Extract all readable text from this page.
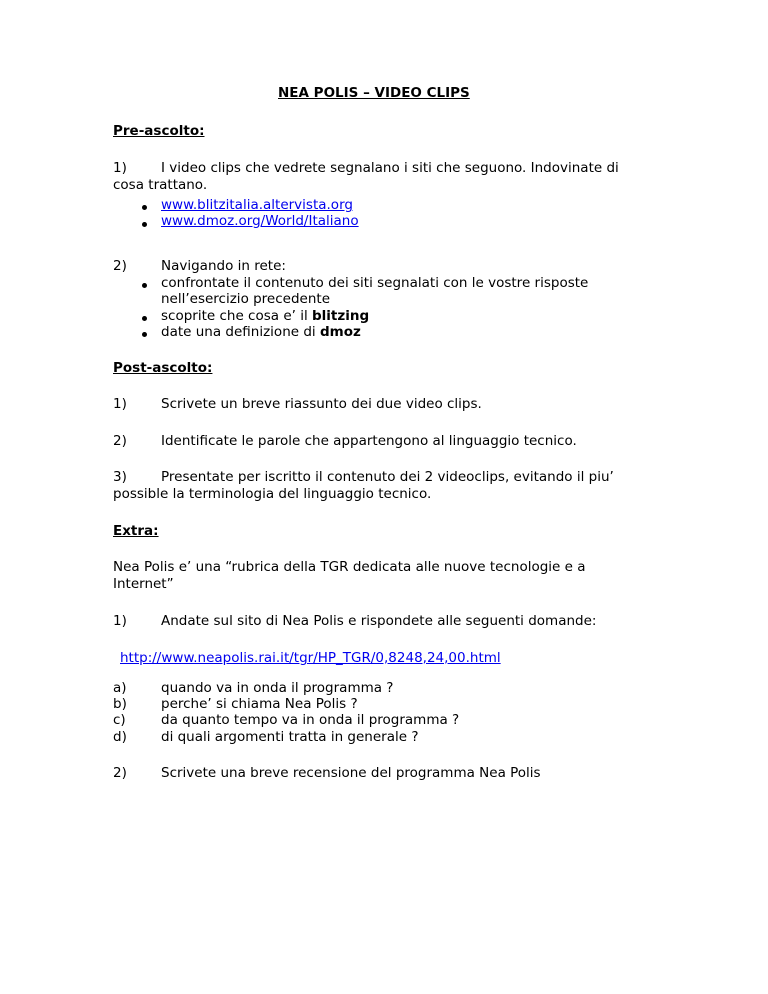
NEA POLIS – VIDEO CLIPS
Pre-ascolto:
1)	I video clips che vedrete segnalano i siti che seguono. Indovinate di
cosa trattano.
www.blitzitalia.altervista.org
www.dmoz.org/World/Italiano
2)	Navigando in rete:
confrontate il contenuto dei siti segnalati con le vostre risposte
nell’esercizio precedente
scoprite che cosa e’ il blitzing
date una definizione di dmoz
Post-ascolto:
1)	Scrivete un breve riassunto dei due video clips.
2)	Identificate le parole che appartengono al linguaggio tecnico.
3)	Presentate per iscritto il contenuto dei 2 videoclips, evitando il piu’
possible la terminologia del linguaggio tecnico.
Extra:
Nea Polis e’ una “rubrica della TGR dedicata alle nuove tecnologie e a
Internet”
1)	Andate sul sito di Nea Polis e rispondete alle seguenti domande:
http://www.neapolis.rai.it/tgr/HP_TGR/0,8248,24,00.html
a)	quando va in onda il programma ?
b)	perche’ si chiama Nea Polis ?
c)	da quanto tempo va in onda il programma ?
d)	di quali argomenti tratta in generale ?
2)	Scrivete una breve recensione del programma Nea Polis
